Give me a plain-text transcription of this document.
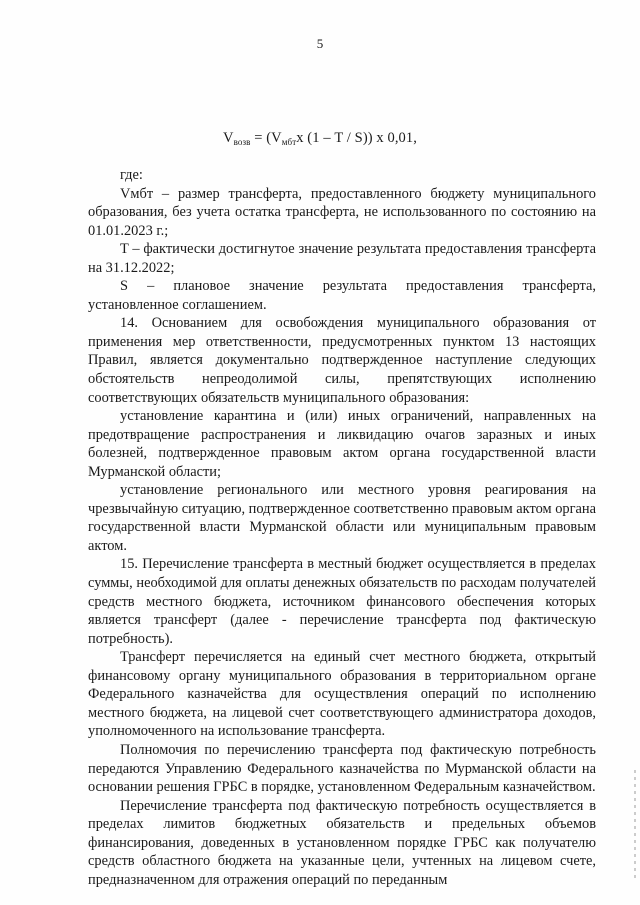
5
$V_{возв} = (V_{мбт}х$ (1 – T / S)) х 0,01,

где:

Vмбт – размер трансферта, предоставленного бюджету муниципального образования, без учета остатка трансферта, не использованного по состоянию на 01.01.2023 г.;

T – фактически достигнутое значение результата предоставления трансферта на 31.12.2022;

S – плановое значение результата предоставления трансферта, установленное соглашением.

14. Основанием для освобождения муниципального образования от применения мер ответственности, предусмотренных пунктом 13 настоящих Правил, является документально подтвержденное наступление следующих обстоятельств непреодолимой силы, препятствующих исполнению соответствующих обязательств муниципального образования:

установление карантина и (или) иных ограничений, направленных на предотвращение распространения и ликвидацию очагов заразных и иных болезней, подтвержденное правовым актом органа государственной власти Мурманской области;

установление регионального или местного уровня реагирования на чрезвычайную ситуацию, подтвержденное соответственно правовым актом органа государственной власти Мурманской области или муниципальным правовым актом.

15. Перечисление трансферта в местный бюджет осуществляется в пределах суммы, необходимой для оплаты денежных обязательств по расходам получателей средств местного бюджета, источником финансового обеспечения которых является трансферт (далее - перечисление трансферта под фактическую потребность).

Трансферт перечисляется на единый счет местного бюджета, открытый финансовому органу муниципального образования в территориальном органе Федерального казначейства для осуществления операций по исполнению местного бюджета, на лицевой счет соответствующего администратора доходов, уполномоченного на использование трансферта.

Полномочия по перечислению трансферта под фактическую потребность передаются Управлению Федерального казначейства по Мурманской области на основании решения ГРБС в порядке, установленном Федеральным казначейством.

Перечисление трансферта под фактическую потребность осуществляется в пределах лимитов бюджетных обязательств и предельных объемов финансирования, доведенных в установленном порядке ГРБС как получателю средств областного бюджета на указанные цели, учтенных на лицевом счете, предназначенном для отражения операций по переданным
